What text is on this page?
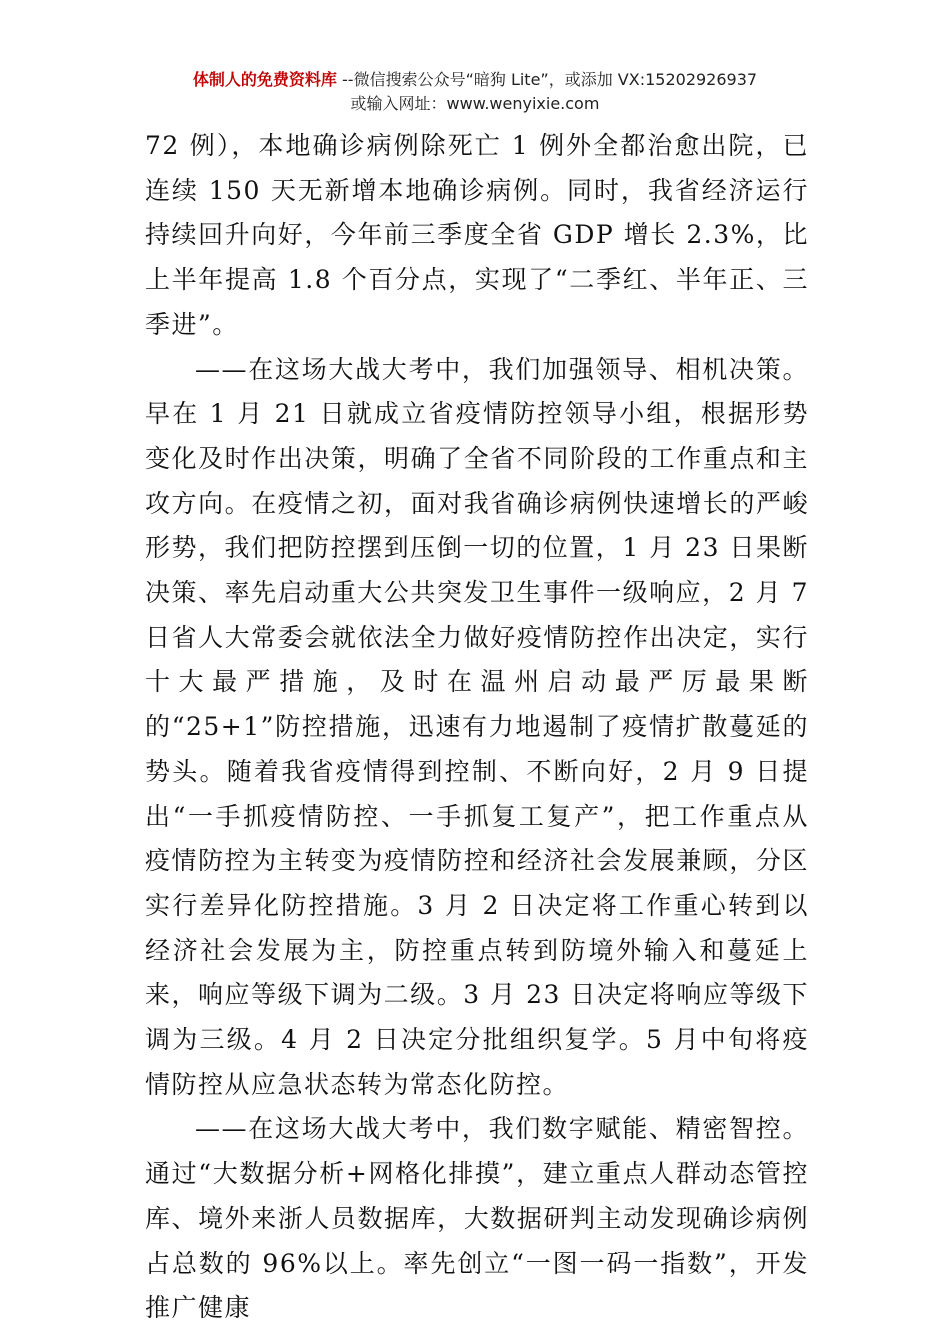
体制人的免费资料库 --微信搜索公众号“暗狗 Lite”，或添加 VX:15202926937
或输入网址：www.wenyixie.com

72 例），本地确诊病例除死亡 1 例外全都治愈出院，已连续 150 天无新增本地确诊病例。同时，我省经济运行持续回升向好，今年前三季度全省 GDP 增长 2.3%，比上半年提高 1.8 个百分点，实现了“二季红、半年正、三季进”。

——在这场大战大考中，我们加强领导、相机决策。早在 1 月 21 日就成立省疫情防控领导小组，根据形势变化及时作出决策，明确了全省不同阶段的工作重点和主攻方向。在疫情之初，面对我省确诊病例快速增长的严峻形势，我们把防控摆到压倒一切的位置，1 月 23 日果断决策、率先启动重大公共突发卫生事件一级响应，2 月 7 日省人大常委会就依法全力做好疫情防控作出决定，实行十大最严措施，及时在温州启动最严厉最果断的“25+1”防控措施，迅速有力地遏制了疫情扩散蔓延的势头。随着我省疫情得到控制、不断向好，2 月 9 日提出“一手抓疫情防控、一手抓复工复产”，把工作重点从疫情防控为主转变为疫情防控和经济社会发展兼顾，分区实行差异化防控措施。3 月 2 日决定将工作重心转到以经济社会发展为主，防控重点转到防境外输入和蔓延上来，响应等级下调为二级。3 月 23 日决定将响应等级下调为三级。4 月 2 日决定分批组织复学。5 月中旬将疫情防控从应急状态转为常态化防控。

——在这场大战大考中，我们数字赋能、精密智控。通过“大数据分析+网格化排摸”，建立重点人群动态管控库、境外来浙人员数据库，大数据研判主动发现确诊病例占总数的 96%以上。率先创立“一图一码一指数”，开发推广健康
